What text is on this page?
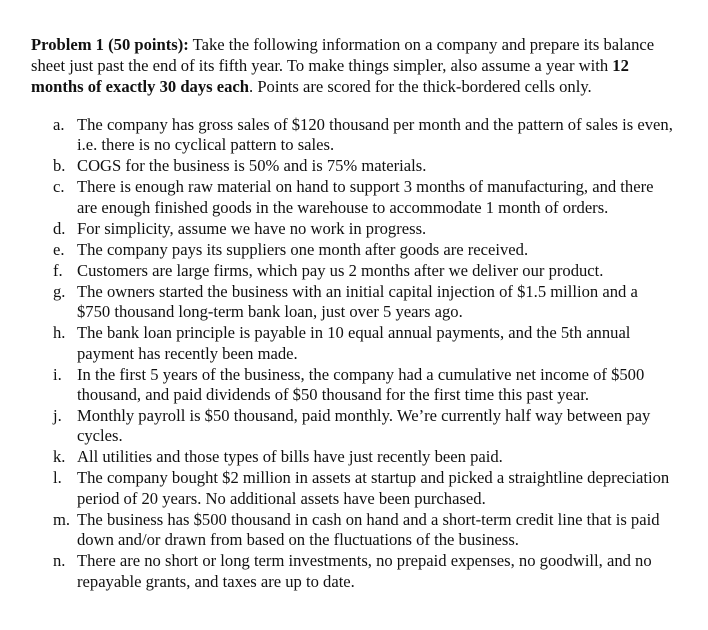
Problem 1 (50 points): Take the following information on a company and prepare its balance sheet just past the end of its fifth year. To make things simpler, also assume a year with 12 months of exactly 30 days each. Points are scored for the thick-bordered cells only.

a. The company has gross sales of $120 thousand per month and the pattern of sales is even, i.e. there is no cyclical pattern to sales.
b. COGS for the business is 50% and is 75% materials.
c. There is enough raw material on hand to support 3 months of manufacturing, and there are enough finished goods in the warehouse to accommodate 1 month of orders.
d. For simplicity, assume we have no work in progress.
e. The company pays its suppliers one month after goods are received.
f. Customers are large firms, which pay us 2 months after we deliver our product.
g. The owners started the business with an initial capital injection of $1.5 million and a $750 thousand long-term bank loan, just over 5 years ago.
h. The bank loan principle is payable in 10 equal annual payments, and the 5th annual payment has recently been made.
i. In the first 5 years of the business, the company had a cumulative net income of $500 thousand, and paid dividends of $50 thousand for the first time this past year.
j. Monthly payroll is $50 thousand, paid monthly. We’re currently half way between pay cycles.
k. All utilities and those types of bills have just recently been paid.
l. The company bought $2 million in assets at startup and picked a straightline depreciation period of 20 years. No additional assets have been purchased.
m. The business has $500 thousand in cash on hand and a short-term credit line that is paid down and/or drawn from based on the fluctuations of the business.
n. There are no short or long term investments, no prepaid expenses, no goodwill, and no repayable grants, and taxes are up to date.
